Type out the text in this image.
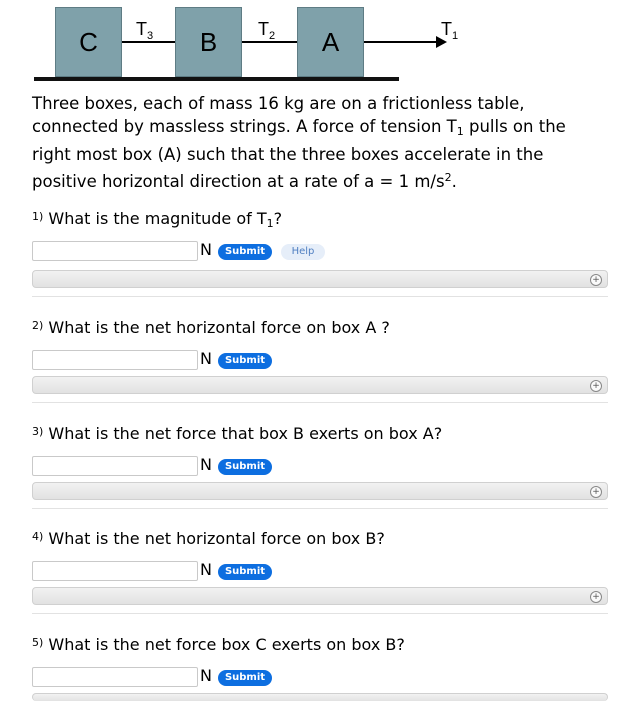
C	B	A
$T_3$	$T_2$	$T_1$
Three boxes, each of mass 16 kg are on a frictionless table, connected by massless strings. A force of tension $T_1$ pulls on the right most box (A) such that the three boxes accelerate in the positive horizontal direction at a rate of a = 1 $m/s^2$.
$^{1)}$ What is the magnitude of $T_1$?
N	Submit	Help
+
$^{2)}$ What is the net horizontal force on box A ?
N	Submit
+
$^{3)}$ What is the net force that box B exerts on box A?
N	Submit
+
$^{4)}$ What is the net horizontal force on box B?
N	Submit
+
$^{5)}$ What is the net force box C exerts on box B?
N	Submit
